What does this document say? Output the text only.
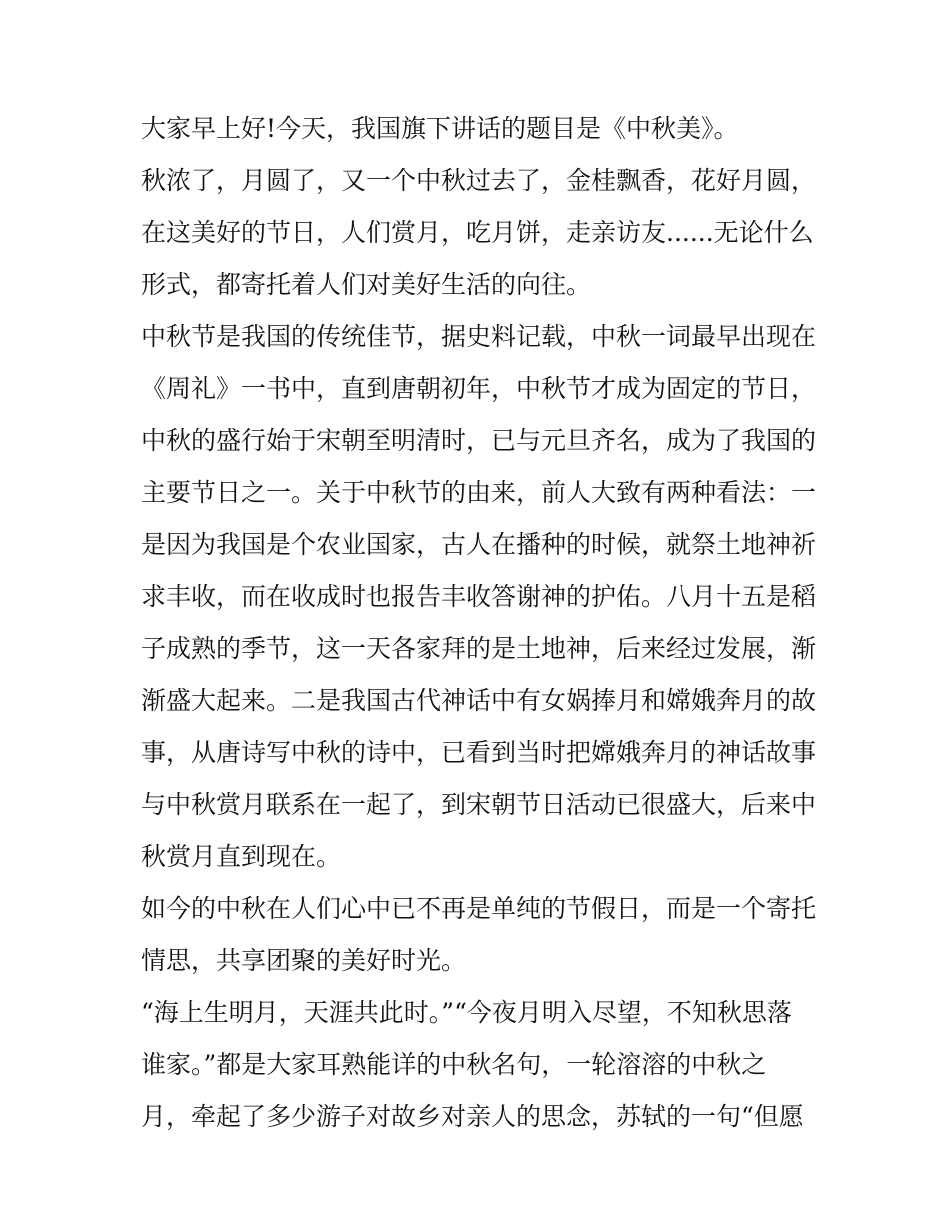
大家早上好!今天，我国旗下讲话的题目是《中秋美》。
秋浓了，月圆了，又一个中秋过去了，金桂飘香，花好月圆，
在这美好的节日，人们赏月，吃月饼，走亲访友......无论什么
形式，都寄托着人们对美好生活的向往。
中秋节是我国的传统佳节，据史料记载，中秋一词最早出现在
《周礼》一书中，直到唐朝初年，中秋节才成为固定的节日，
中秋的盛行始于宋朝至明清时，已与元旦齐名，成为了我国的
主要节日之一。关于中秋节的由来，前人大致有两种看法：一
是因为我国是个农业国家，古人在播种的时候，就祭土地神祈
求丰收，而在收成时也报告丰收答谢神的护佑。八月十五是稻
子成熟的季节，这一天各家拜的是土地神，后来经过发展，渐
渐盛大起来。二是我国古代神话中有女娲捧月和嫦娥奔月的故
事，从唐诗写中秋的诗中，已看到当时把嫦娥奔月的神话故事
与中秋赏月联系在一起了，到宋朝节日活动已很盛大，后来中
秋赏月直到现在。
如今的中秋在人们心中已不再是单纯的节假日，而是一个寄托
情思，共享团聚的美好时光。
“海上生明月，天涯共此时。”“今夜月明入尽望，不知秋思落
谁家。”都是大家耳熟能详的中秋名句，一轮溶溶的中秋之
月，牵起了多少游子对故乡对亲人的思念，苏轼的一句“但愿
